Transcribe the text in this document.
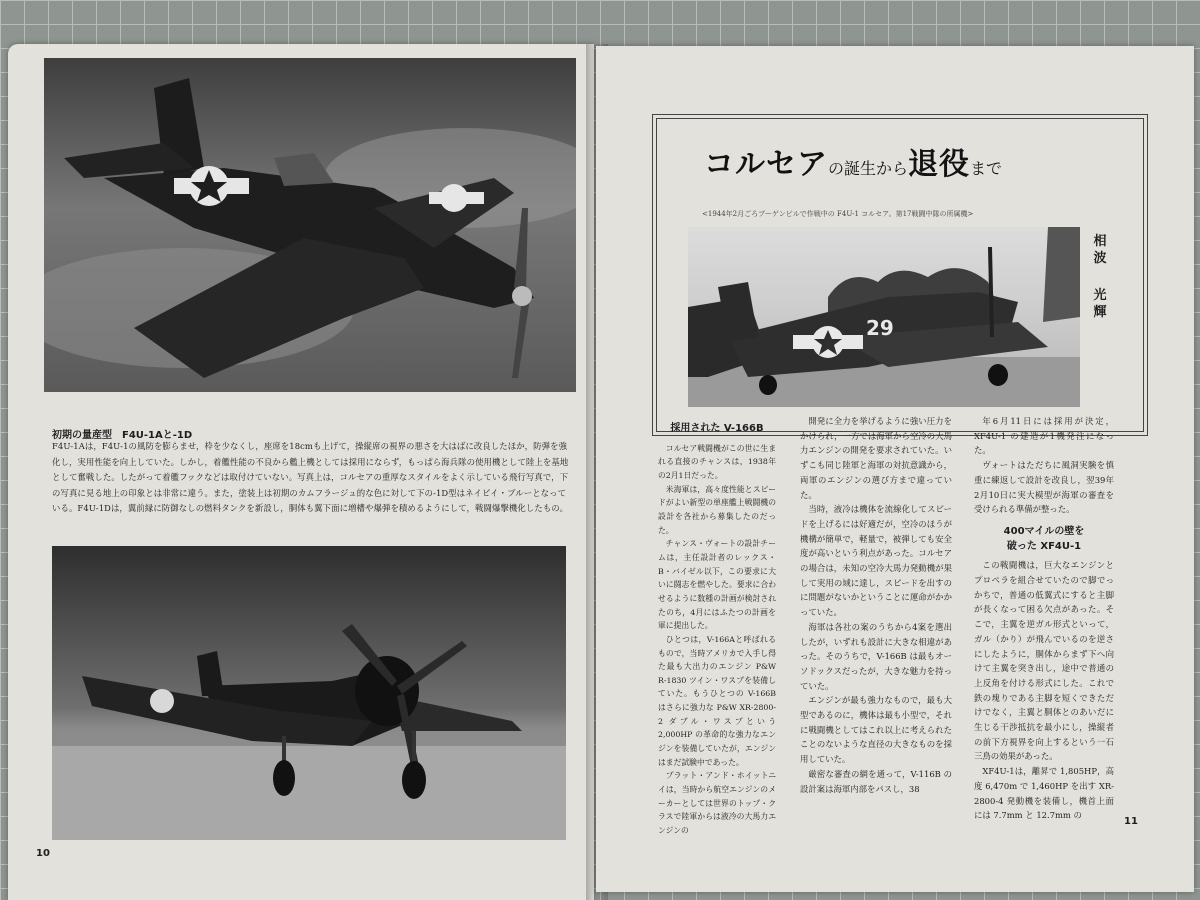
初期の量産型　F4U-1Aと-1D
F4U-1Aは，F4U-1の風防を膨らませ，枠を少なくし，座席を18cmも上げて，操縦席の視界の悪さを大はばに改良したほか，防弾を強化し，実用性能を向上していた。しかし，着艦性能の不良から艦上機としては採用にならず，もっぱら海兵隊の使用機として陸上を基地として奮戦した。したがって着艦フックなどは取付けていない。写真上は，コルセアの重厚なスタイルをよく示している飛行写真で，下の写真に見る地上の印象とは非常に違う。また，塗装上は初期のカムフラージュ的な色に対して下の-1D型はネイビイ・ブルーとなっている。F4U-1Dは，翼前縁に防御なしの燃料タンクを新設し，胴体も翼下面に増槽や爆弾を積めるようにして，戦闘爆撃機化したもの。
10
コルセアの誕生から退役まで
<1944年2月ごろブーゲンビルで作戦中の F4U-1 コルセア。第17戦闘中隊の所属機>
29
相
波
光
輝

採用された V-166B

コルセア戦闘機がこの世に生まれる直接のチャンスは，1938年の2月1日だった。

米海軍は，高々度性能とスピードがよい新型の単座艦上戦闘機の設計を各社から募集したのだった。

チャンス・ヴォートの設計チームは，主任設計者のレックス・B・バイゼル以下，この要求に大いに闘志を燃やした。要求に合わせるように数種の計画が検討されたのち，4月にはふたつの計画を軍に提出した。

ひとつは，V-166Aと呼ばれるもので，当時アメリカで入手し得た最も大出力のエンジン P&W R-1830 ツイン・ワスプを装備していた。もうひとつの V-166B はさらに強力な P&W XR-2800-2 ダブル・ワスプという 2,000HP の革命的な強力なエンジンを装備していたが，エンジンはまだ試験中であった。

プラット・アンド・ホイットニイは，当時から航空エンジンのメーカーとしては世界のトップ・クラスで陸軍からは液冷の大馬力エンジンの

開発に全力を挙げるように強い圧力をかけられ，一方では海軍から空冷の大馬力エンジンの開発を要求されていた。いずこも同じ陸軍と海軍の対抗意識から，両軍のエンジンの選び方まで違っていた。

当時，液冷は機体を流線化してスピードを上げるには好適だが，空冷のほうが機構が簡単で，軽量で，被弾しても安全度が高いという利点があった。コルセアの場合は，未知の空冷大馬力発動機が果して実用の域に達し，スピードを出すのに問題がないかということに運命がかかっていた。

海軍は各社の案のうちから4案を選出したが，いずれも設計に大きな相違があった。そのうちで，V-166B は最もオーソドックスだったが，大きな魅力を持っていた。

エンジンが最も強力なもので，最も大型であるのに，機体は最も小型で，それに戦闘機としてはこれ以上に考えられたことのないような直径の大きなものを採用していた。

厳密な審査の網を通って，V-116B の設計案は海軍内部をパスし，38

年6月11日には採用が決定，XF4U-1 の建造が1機発注になった。

ヴォートはただちに風洞実験を慎重に練返して設計を改良し，翌39年2月10日に実大模型が海軍の審査を受けられる準備が整った。

400マイルの壁を
破った XF4U-1

この戦闘機は，巨大なエンジンとプロペラを組合せていたので脚でっかちで，普通の低翼式にすると主脚が長くなって困る欠点があった。そこで，主翼を逆ガル形式といって，ガル（かり）が飛んでいるのを逆さにしたように，胴体からまず下へ向けて主翼を突き出し，途中で普通の上反角を付ける形式にした。これで鉄の塊りである主脚を短くできただけでなく，主翼と胴体とのあいだに生じる干渉抵抗を最小にし，操縦者の前下方視界を向上するという一石三鳥の効果があった。

XF4U-1は，離昇で 1,805HP，高度 6,470m で 1,460HP を出す XR-2800-4 発動機を装備し，機首上面には 7.7mm と 12.7mm の

11
